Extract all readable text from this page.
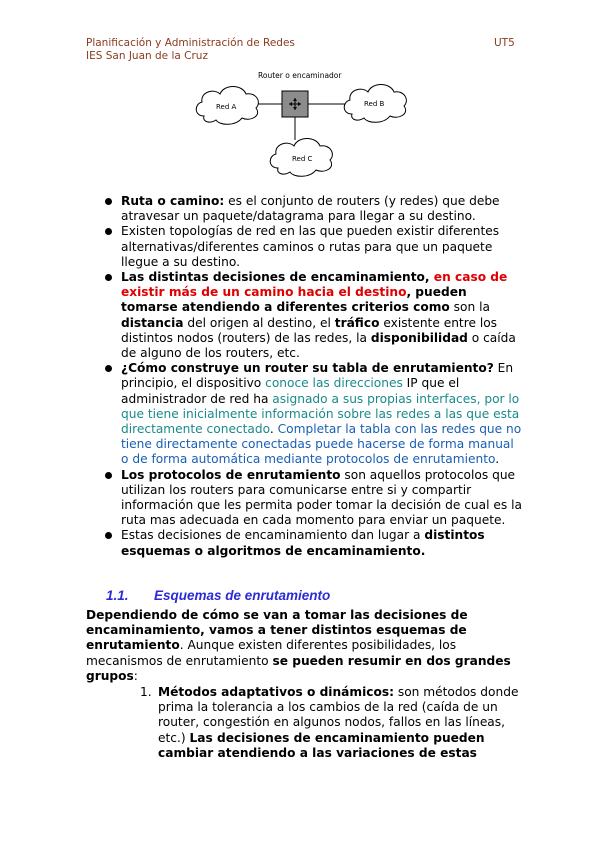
Planificación y Administración de Redes
IES San Juan de la Cruz
UT5
Router o encaminador
Red A	Red B
Red C
Ruta o camino: es el conjunto de routers (y redes) que debe atravesar un paquete/datagrama para llegar a su destino.
Existen topologías de red en las que pueden existir diferentes alternativas/diferentes caminos o rutas para que un paquete llegue a su destino.
Las distintas decisiones de encaminamiento, en caso de existir más de un camino hacia el destino, pueden tomarse atendiendo a diferentes criterios como son la distancia del origen al destino, el tráfico existente entre los distintos nodos (routers) de las redes, la disponibilidad o caída de alguno de los routers, etc.
¿Cómo construye un router su tabla de enrutamiento? En principio, el dispositivo conoce las direcciones IP que el administrador de red ha asignado a sus propias interfaces, por lo que tiene inicialmente información sobre las redes a las que esta directamente conectado. Completar la tabla con las redes que no tiene directamente conectadas puede hacerse de forma manual o de forma automática mediante protocolos de enrutamiento.
Los protocolos de enrutamiento son aquellos protocolos que utilizan los routers para comunicarse entre si y compartir información que les permita poder tomar la decisión de cual es la ruta mas adecuada en cada momento para enviar un paquete.
Estas decisiones de encaminamiento dan lugar a distintos esquemas o algoritmos de encaminamiento.
1.1. Esquemas de enrutamiento
Dependiendo de cómo se van a tomar las decisiones de encaminamiento, vamos a tener distintos esquemas de enrutamiento. Aunque existen diferentes posibilidades, los mecanismos de enrutamiento se pueden resumir en dos grandes grupos:
1. Métodos adaptativos o dinámicos: son métodos donde prima la tolerancia a los cambios de la red (caída de un router, congestión en algunos nodos, fallos en las líneas, etc.) Las decisiones de encaminamiento pueden cambiar atendiendo a las variaciones de estas
